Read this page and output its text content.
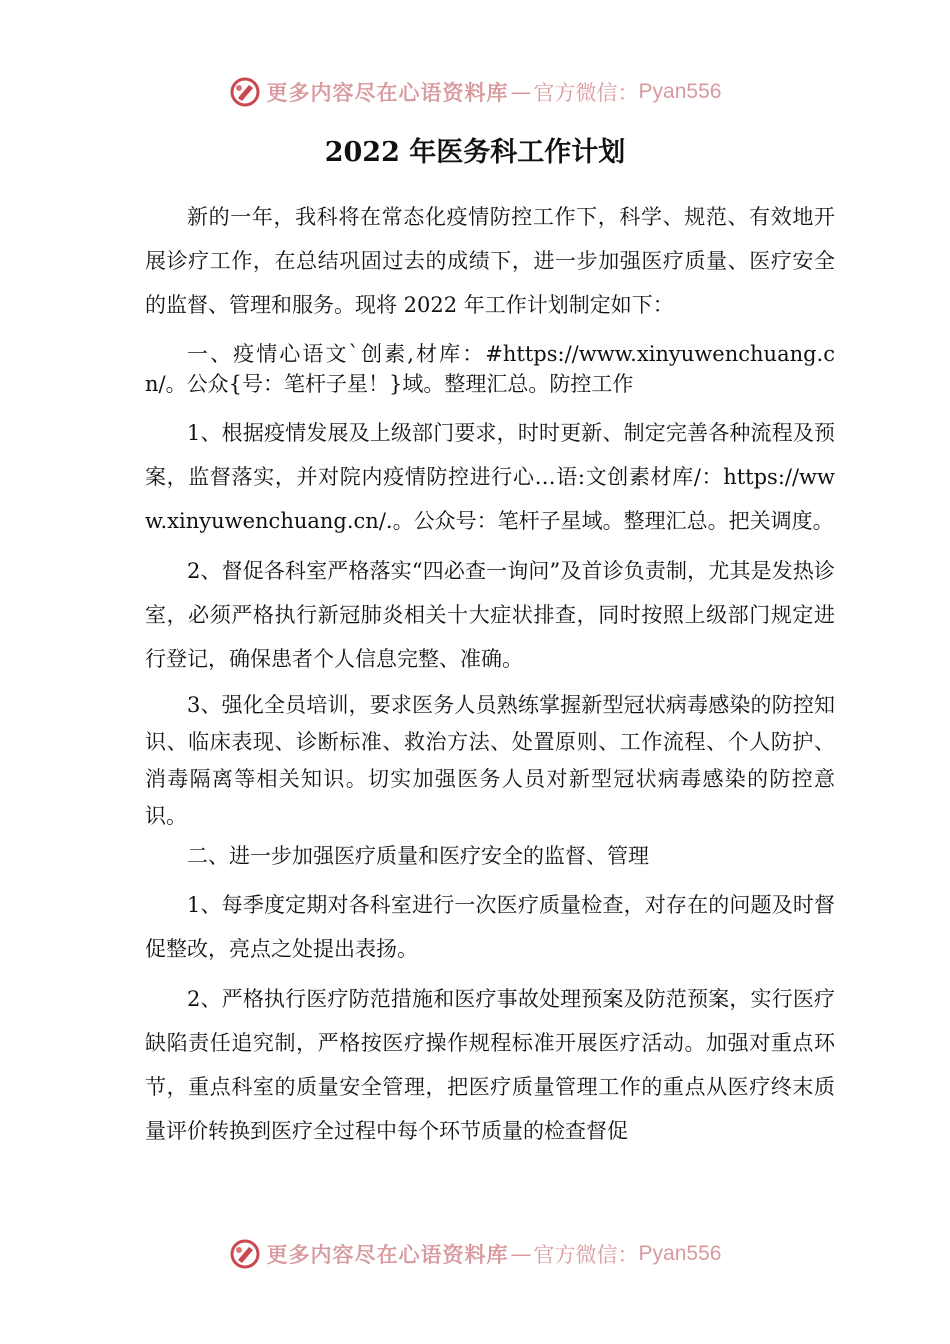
更多内容尽在心语资料库 — 官方微信： Pyan556
2022 年医务科工作计划

新的一年，我科将在常态化疫情防控工作下，科学、规范、有效地开展诊疗工作，在总结巩固过去的成绩下，进一步加强医疗质量、医疗安全的监督、管理和服务。现将 2022 年工作计划制定如下：

一、疫情心语文`创素,材库：#https://www.xinyuwenchuang.cn/。公众{号：笔杆子星！}域。整理汇总。防控工作

1、根据疫情发展及上级部门要求，时时更新、制定完善各种流程及预案，监督落实，并对院内疫情防控进行心…语:文创素材库/：https://www.xinyuwenchuang.cn/.。公众号：笔杆子星域。整理汇总。把关调度。

2、督促各科室严格落实“四必查一询问”及首诊负责制，尤其是发热诊室，必须严格执行新冠肺炎相关十大症状排查，同时按照上级部门规定进行登记，确保患者个人信息完整、准确。

3、强化全员培训，要求医务人员熟练掌握新型冠状病毒感染的防控知识、临床表现、诊断标准、救治方法、处置原则、工作流程、个人防护、消毒隔离等相关知识。切实加强医务人员对新型冠状病毒感染的防控意识。

二、进一步加强医疗质量和医疗安全的监督、管理

1、每季度定期对各科室进行一次医疗质量检查，对存在的问题及时督促整改，亮点之处提出表扬。

2、严格执行医疗防范措施和医疗事故处理预案及防范预案，实行医疗缺陷责任追究制，严格按医疗操作规程标准开展医疗活动。加强对重点环节，重点科室的质量安全管理，把医疗质量管理工作的重点从医疗终末质量评价转换到医疗全过程中每个环节质量的检查督促

更多内容尽在心语资料库 — 官方微信： Pyan556
